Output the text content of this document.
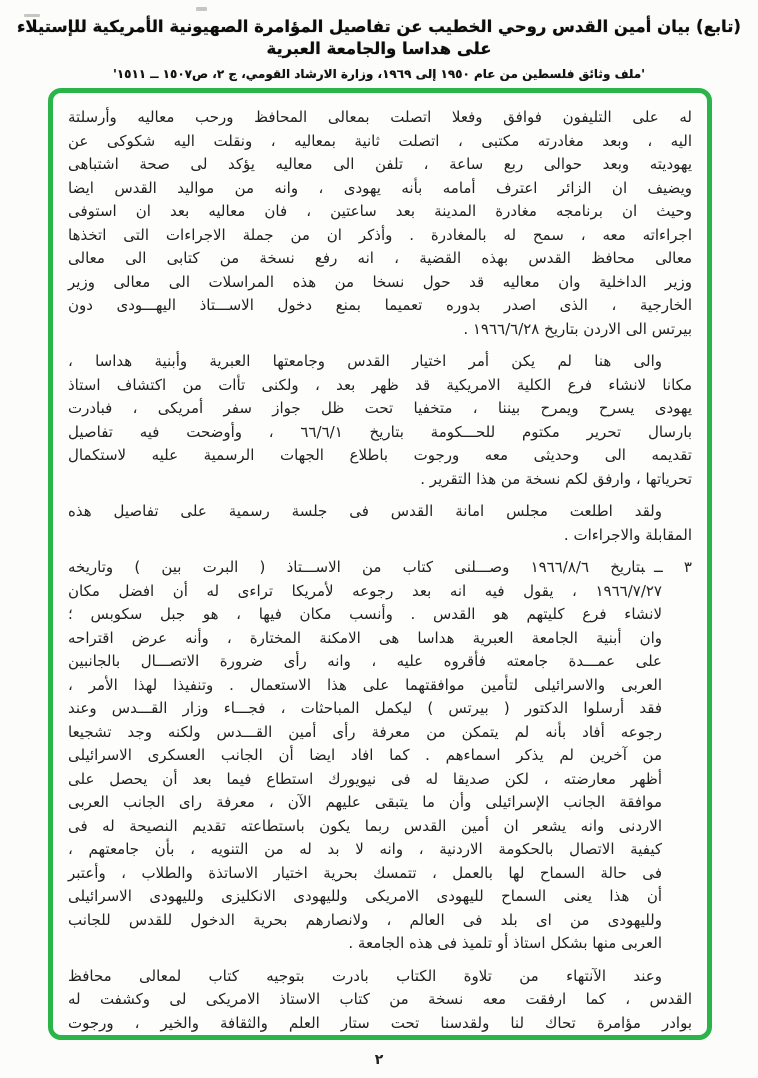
(تابع) بيان أمين القدس روحي الخطيب عن تفاصيل المؤامرة الصهيونية الأمريكية للإستيلاء على هداسا والجامعة العبرية
'ملف وثائق فلسطين من عام ١٩٥٠ إلى ١٩٦٩، وزارة الارشاد القومي، ج ٢، ص١٥٠٧ ــ ١٥١١'
له على التليفون فوافق وفعلا اتصلت بمعالى المحافظ ورحب معاليه وأرسلتة
اليه ، وبعد مغادرته مكتبى ، اتصلت ثانية بمعاليه ، ونقلت اليه شكوكى عن
يهوديته وبعد حوالى ربع ساعة ، تلفن الى معاليه يؤكد لى صحة اشتباهى
ويضيف ان الزائر اعترف أمامه بأنه يهودى ، وانه من مواليد القدس ايضا
وحيث ان برنامجه مغادرة المدينة بعد ساعتين ، فان معاليه بعد ان استوفى
اجراءاته معه ، سمح له بالمغادرة . وأذكر ان من جملة الاجراءات التى اتخذها
معالى محافظ القدس بهذه القضية ، انه رفع نسخة من كتابى الى معالى
وزير الداخلية وان معاليه قد حول نسخا من هذه المراسلات الى معالى وزير
الخارجية ، الذى اصدر بدوره تعميما بمنع دخول الاســـتاذ اليهـــودى دون
بيرتس الى الاردن بتاريخ ١٩٦٦/٦/٢٨ .
والى هنا لم يكن أمر اختيار القدس وجامعتها العبرية وأبنية هداسا ،
مكانا لانشاء فرع الكلية الامريكية قد ظهر بعد ، ولكنى تأات من اكتشاف استاذ
يهودى يسرح ويمرح بيننا ، متخفيا تحت ظل جواز سفر أمريكى ، فبادرت
بارسال تحرير مكتوم للحـــكومة بتاريخ ٦٦/٦/١ ، وأوضحت فيه تفاصيل
تقديمه الى وحديثى معه ورجوت باطلاع الجهات الرسمية عليه لاستكمال
تحرياتها ، وارفق لكم نسخة من هذا التقرير .
ولقد اطلعت مجلس امانة القدس فى جلسة رسمية على تفاصيل هذه
المقابلة والاجراءات .
٣ ــبتاريخ ١٩٦٦/٨/٦ وصـــلنى كتاب من الاســـتاذ ( البرت بين ) وتاريخه
١٩٦٦/٧/٢٧ ، يقول فيه انه بعد رجوعه لأمريكا تراءى له أن افضل مكان
لانشاء فرع كليتهم هو القدس . وأنسب مكان فيها ، هو جبل سكوبس ؛
وان أبنية الجامعة العبرية هداسا هى الامكنة المختارة ، وأنه عرض اقتراحه
على عمـــدة جامعته فأقروه عليه ، وانه رأى ضرورة الاتصـــال بالجانبين
العربى والاسرائيلى لتأمين موافقتهما على هذا الاستعمال . وتنفيذا لهذا الأمر ،
فقد أرسلوا الدكتور ( بيرتس ) ليكمل المباحثات ، فجـــاء وزار القـــدس وعند
رجوعه أفاد بأنه لم يتمكن من معرفة رأى أمين القـــدس ولكنه وجد تشجيعا
من آخرين لم يذكر اسماءهم . كما افاد ايضا أن الجانب العسكرى الاسرائيلى
أظهر معارضته ، لكن صديقا له فى نيويورك استطاع فيما بعد أن يحصل على
موافقة الجانب الإسرائيلى وأن ما يتبقى عليهم الآن ، معرفة راى الجانب العربى
الاردنى وانه يشعر ان أمين القدس ربما يكون باستطاعته تقديم النصيحة له فى
كيفية الاتصال بالحكومة الاردنية ، وانه لا بد له من التنويه ، بأن جامعتهم ،
فى حالة السماح لها بالعمل ، تتمسك بحرية اختيار الاساتذة والطلاب ، وأعتبر
أن هذا يعنى السماح لليهودى الامريكى ولليهودى الانكليزى ولليهودى الاسرائيلى
ولليهودى من اى بلد فى العالم ، ولانصارهم بحرية الدخول للقدس للجانب
العربى منها بشكل استاذ أو تلميذ فى هذه الجامعة .
وعند الآنتهاء من تلاوة الكتاب بادرت بتوجيه كتاب لمعالى محافظ
القدس ، كما ارفقت معه نسخة من كتاب الاستاذ الامريكى لى وكشفت له
بوادر مؤامرة تحاك لنا ولقدسنا تحت ستار العلم والثقافة والخير ، ورجوت
٢
